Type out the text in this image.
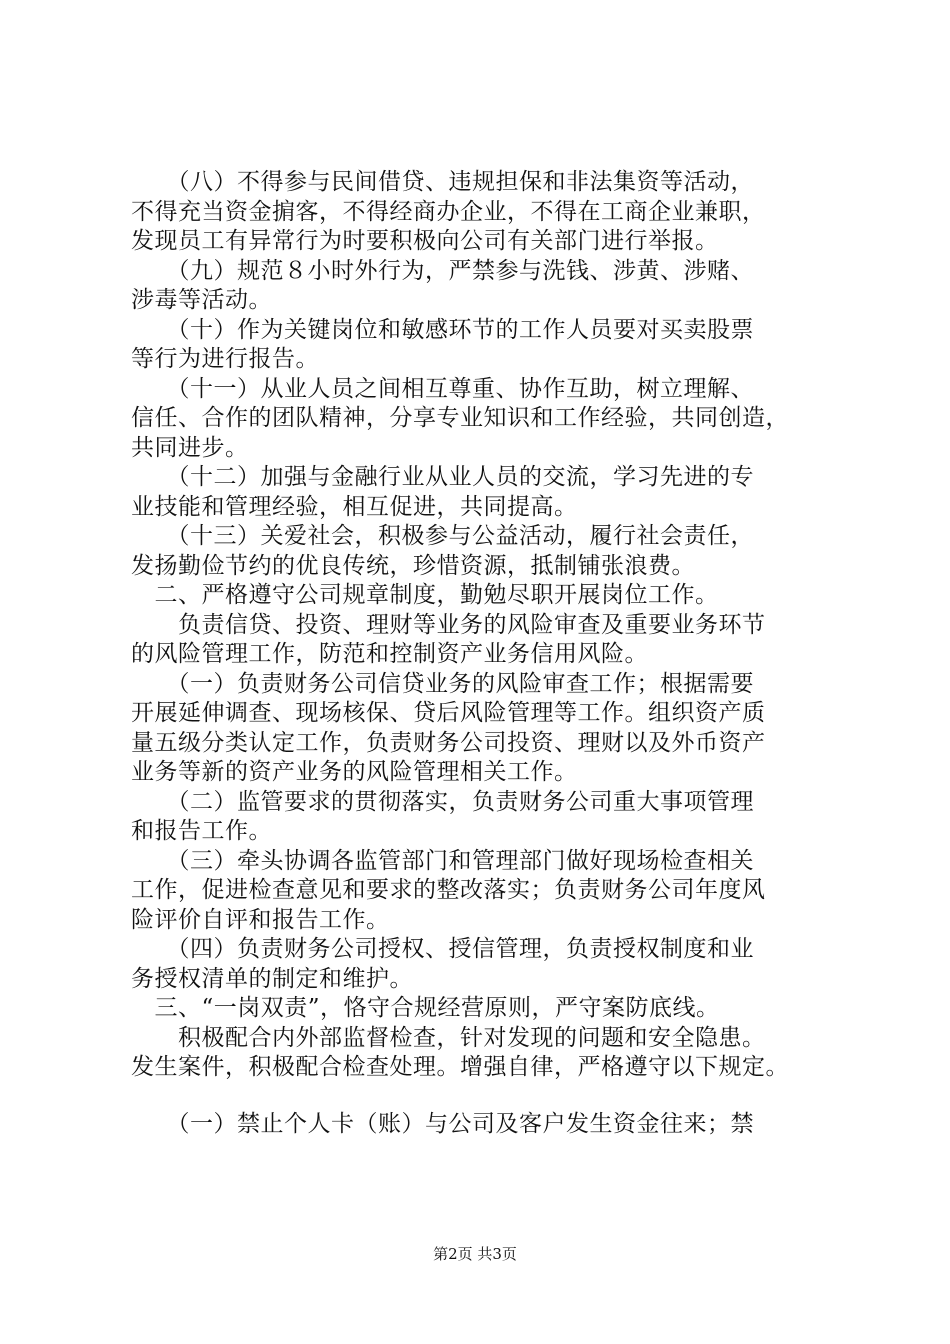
　　（八）不得参与民间借贷、违规担保和非法集资等活动，
不得充当资金掮客，不得经商办企业，不得在工商企业兼职，
发现员工有异常行为时要积极向公司有关部门进行举报。
　　（九）规范８小时外行为，严禁参与洗钱、涉黄、涉赌、
涉毒等活动。
　　（十）作为关键岗位和敏感环节的工作人员要对买卖股票
等行为进行报告。
　　（十一）从业人员之间相互尊重、协作互助，树立理解、
信任、合作的团队精神，分享专业知识和工作经验，共同创造，
共同进步。
　　（十二）加强与金融行业从业人员的交流，学习先进的专
业技能和管理经验，相互促进，共同提高。
　　（十三）关爱社会，积极参与公益活动，履行社会责任，
发扬勤俭节约的优良传统，珍惜资源，抵制铺张浪费。
　二、严格遵守公司规章制度，勤勉尽职开展岗位工作。
　　负责信贷、投资、理财等业务的风险审查及重要业务环节
的风险管理工作，防范和控制资产业务信用风险。
　　（一）负责财务公司信贷业务的风险审查工作；根据需要
开展延伸调查、现场核保、贷后风险管理等工作。组织资产质
量五级分类认定工作，负责财务公司投资、理财以及外币资产
业务等新的资产业务的风险管理相关工作。
　　（二）监管要求的贯彻落实，负责财务公司重大事项管理
和报告工作。
　　（三）牵头协调各监管部门和管理部门做好现场检查相关
工作，促进检查意见和要求的整改落实；负责财务公司年度风
险评价自评和报告工作。
　　（四）负责财务公司授权、授信管理，负责授权制度和业
务授权清单的制定和维护。
　三、“一岗双责”，恪守合规经营原则，严守案防底线。
　　积极配合内外部监督检查，针对发现的问题和安全隐患。
发生案件，积极配合检查处理。增强自律，严格遵守以下规定。
　　（一）禁止个人卡（账）与公司及客户发生资金往来；禁
第2页 共3页
